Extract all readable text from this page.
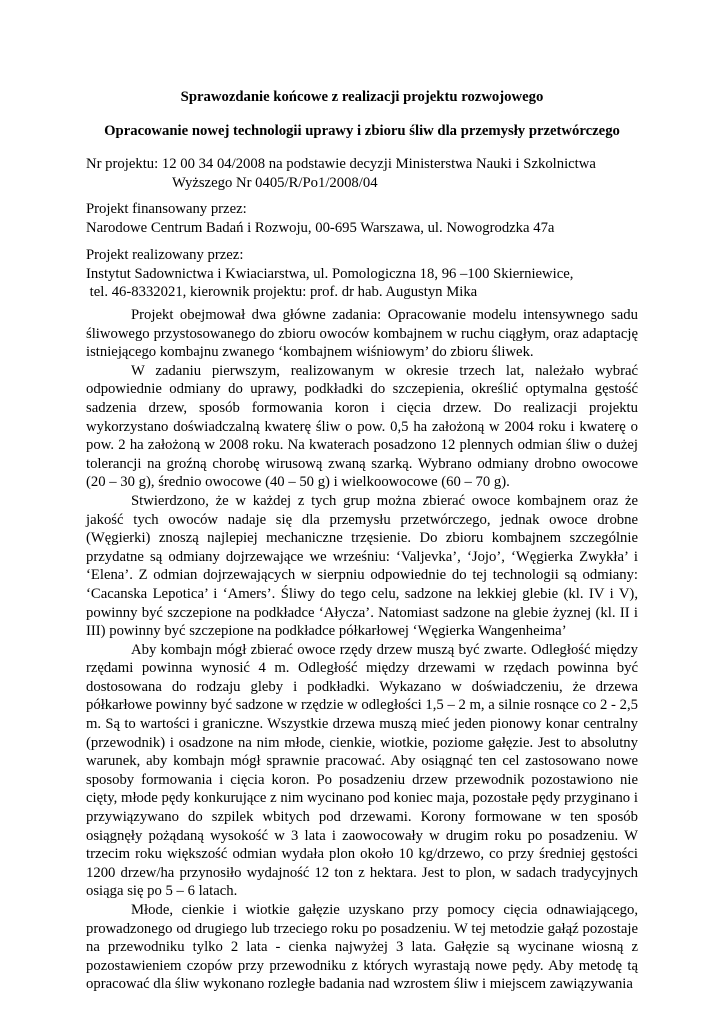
Sprawozdanie końcowe z realizacji projektu rozwojowego
Opracowanie nowej technologii uprawy i zbioru śliw dla przemysły przetwórczego
Nr projektu: 12 00 34 04/2008 na podstawie decyzji Ministerstwa Nauki i Szkolnictwa
Wyższego Nr 0405/R/Po1/2008/04
Projekt finansowany przez:
Narodowe Centrum Badań i Rozwoju, 00-695 Warszawa, ul. Nowogrodzka 47a
Projekt realizowany przez:
Instytut Sadownictwa i Kwiaciarstwa, ul. Pomologiczna 18, 96 –100 Skierniewice,
tel. 46-8332021, kierownik projektu: prof. dr hab. Augustyn Mika

Projekt obejmował dwa główne zadania: Opracowanie modelu intensywnego sadu śliwowego przystosowanego do zbioru owoców kombajnem w ruchu ciągłym, oraz adaptację istniejącego kombajnu zwanego ‘kombajnem wiśniowym’ do zbioru śliwek.

W zadaniu pierwszym, realizowanym w okresie trzech lat, należało wybrać odpowiednie odmiany do uprawy, podkładki do szczepienia, określić optymalna gęstość sadzenia drzew, sposób formowania koron i cięcia drzew. Do realizacji projektu wykorzystano doświadczalną kwaterę śliw o pow. 0,5 ha założoną w 2004 roku i kwaterę o pow. 2 ha założoną w 2008 roku. Na kwaterach posadzono 12 plennych odmian śliw o dużej tolerancji na groźną chorobę wirusową zwaną szarką. Wybrano odmiany drobno owocowe (20 – 30 g), średnio owocowe (40 – 50 g) i wielkoowocowe (60 – 70 g).

Stwierdzono, że w każdej z tych grup można zbierać owoce kombajnem oraz że jakość tych owoców nadaje się dla przemysłu przetwórczego, jednak owoce drobne (Węgierki) znoszą najlepiej mechaniczne trzęsienie. Do zbioru kombajnem szczególnie przydatne są odmiany dojrzewające we wrześniu: ‘Valjevka’, ‘Jojo’, ‘Węgierka Zwykła’ i ‘Elena’. Z odmian dojrzewających w sierpniu odpowiednie do tej technologii są odmiany: ‘Cacanska Lepotica’ i ‘Amers’. Śliwy do tego celu, sadzone na lekkiej glebie (kl. IV i V), powinny być szczepione na podkładce ‘Ałycza’. Natomiast sadzone na glebie żyznej (kl. II i III) powinny być szczepione na podkładce półkarłowej ‘Węgierka Wangenheima’

Aby kombajn mógł zbierać owoce rzędy drzew muszą być zwarte. Odległość między rzędami powinna wynosić 4 m. Odległość między drzewami w rzędach powinna być dostosowana do rodzaju gleby i podkładki. Wykazano w doświadczeniu, że drzewa półkarłowe powinny być sadzone w rzędzie w odległości 1,5 – 2 m, a silnie rosnące co 2 - 2,5 m. Są to wartości i graniczne. Wszystkie drzewa muszą mieć jeden pionowy konar centralny (przewodnik) i osadzone na nim młode, cienkie, wiotkie, poziome gałęzie. Jest to absolutny warunek, aby kombajn mógł sprawnie pracować. Aby osiągnąć ten cel zastosowano nowe sposoby formowania i cięcia koron. Po posadzeniu drzew przewodnik pozostawiono nie cięty, młode pędy konkurujące z nim wycinano pod koniec maja, pozostałe pędy przyginano i przywiązywano do szpilek wbitych pod drzewami. Korony formowane w ten sposób osiągnęły pożądaną wysokość w 3 lata i zaowocowały w drugim roku po posadzeniu. W trzecim roku większość odmian wydała plon około 10 kg/drzewo, co przy średniej gęstości 1200 drzew/ha przynosiło wydajność 12 ton z hektara. Jest to plon, w sadach tradycyjnych osiąga się po 5 – 6 latach.

Młode, cienkie i wiotkie gałęzie uzyskano przy pomocy cięcia odnawiającego, prowadzonego od drugiego lub trzeciego roku po posadzeniu. W tej metodzie gałąź pozostaje na przewodniku tylko 2 lata - cienka najwyżej 3 lata. Gałęzie są wycinane wiosną z pozostawieniem czopów przy przewodniku z których wyrastają nowe pędy. Aby metodę tą opracować dla śliw wykonano rozległe badania nad wzrostem śliw i miejscem zawiązywania
